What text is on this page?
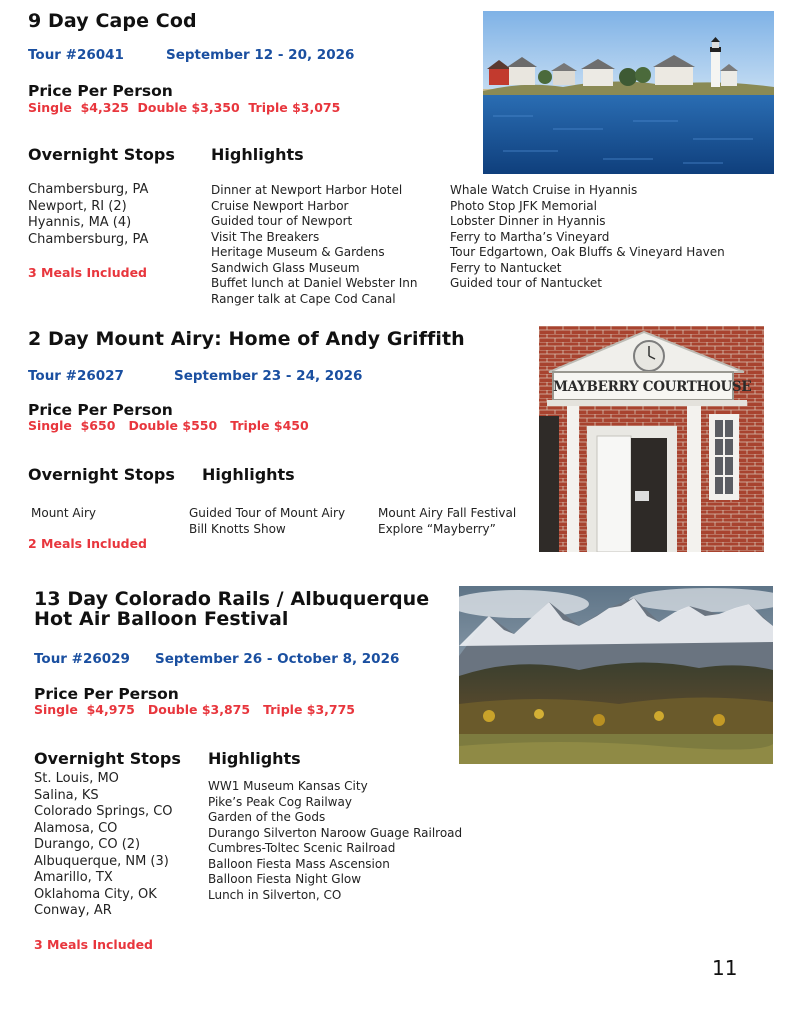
9 Day Cape Cod
Tour #26041	September 12 - 20, 2026
Price Per Person
Single  $4,325  Double $3,350  Triple $3,075
Overnight Stops Highlights
Chambersburg, PA
Newport, RI (2)
Hyannis, MA (4)
Chambersburg, PA
3 Meals Included
Dinner at Newport Harbor Hotel
Cruise Newport Harbor
Guided tour of Newport
Visit The Breakers
Heritage Museum & Gardens
Sandwich Glass Museum
Buffet lunch at Daniel Webster Inn
Ranger talk at Cape Cod Canal
Whale Watch Cruise in Hyannis
Photo Stop JFK Memorial
Lobster Dinner in Hyannis
Ferry to Martha’s Vineyard
Tour Edgartown, Oak Bluffs & Vineyard Haven
Ferry to Nantucket
Guided tour of Nantucket
2 Day Mount Airy: Home of Andy Griffith
Tour #26027	September 23 - 24, 2026
Price Per Person
Single  $650   Double $550   Triple $450
Overnight Stops Highlights
Mount Airy
2 Meals Included
Guided Tour of Mount Airy
Bill Knotts Show
Mount Airy Fall Festival
Explore “Mayberry”
MAYBERRY COURTHOUSE
13 Day Colorado Rails / Albuquerque
Hot Air Balloon Festival
Tour #26029 September 26 - October 8, 2026
Price Per Person
Single  $4,975   Double $3,875   Triple $3,775
Overnight Stops Highlights
St. Louis, MO
Salina, KS
Colorado Springs, CO
Alamosa, CO
Durango, CO (2)
Albuquerque, NM (3)
Amarillo, TX
Oklahoma City, OK
Conway, AR
3 Meals Included
WW1 Museum Kansas City
Pike’s Peak Cog Railway
Garden of the Gods
Durango Silverton Naroow Guage Railroad
Cumbres-Toltec Scenic Railroad
Balloon Fiesta Mass Ascension
Balloon Fiesta Night Glow
Lunch in Silverton, CO
11
